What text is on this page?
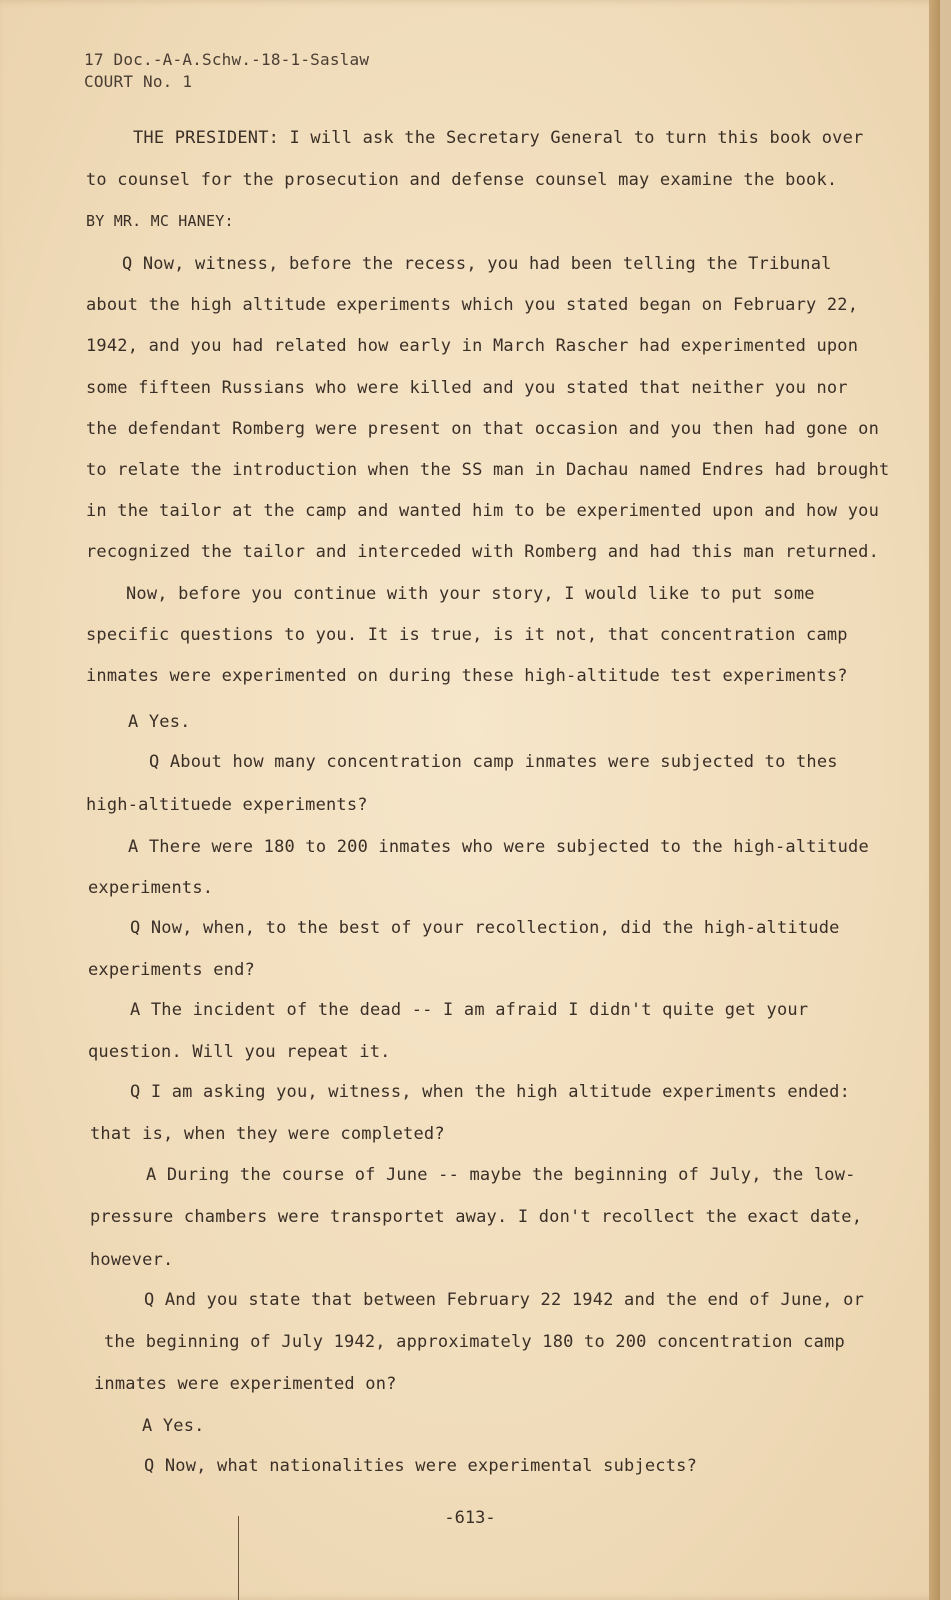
17 Doc.-A-A.Schw.-18-1-Saslaw
COURT No. 1
THE PRESIDENT: I will ask the Secretary General to turn this book over
to counsel for the prosecution and defense counsel may examine the book.
BY MR. MC HANEY:
Q Now, witness, before the recess, you had been telling the Tribunal
about the high altitude experiments which you stated began on February 22,
1942, and you had related how early in March Rascher had experimented upon
some fifteen Russians who were killed and you stated that neither you nor
the defendant Romberg were present on that occasion and you then had gone on
to relate the introduction when the SS man in Dachau named Endres had brought
in the tailor at the camp and wanted him to be experimented upon and how you
recognized the tailor and interceded with Romberg and had this man returned.
Now, before you continue with your story, I would like to put some
specific questions to you. It is true, is it not, that concentration camp
inmates were experimented on during these high-altitude test experiments?
A Yes.
Q About how many concentration camp inmates were subjected to thes
high-altituede experiments?
A There were 180 to 200 inmates who were subjected to the high-altitude
experiments.
Q Now, when, to the best of your recollection, did the high-altitude
experiments end?
A The incident of the dead -- I am afraid I didn't quite get your
question. Will you repeat it.
Q I am asking you, witness, when the high altitude experiments ended:
that is, when they were completed?
A During the course of June -- maybe the beginning of July, the low-
pressure chambers were transportet away. I don't recollect the exact date,
however.
Q And you state that between February 22 1942 and the end of June, or
the beginning of July 1942, approximately 180 to 200 concentration camp
inmates were experimented on?
A Yes.
Q Now, what nationalities were experimental subjects?
-613-
